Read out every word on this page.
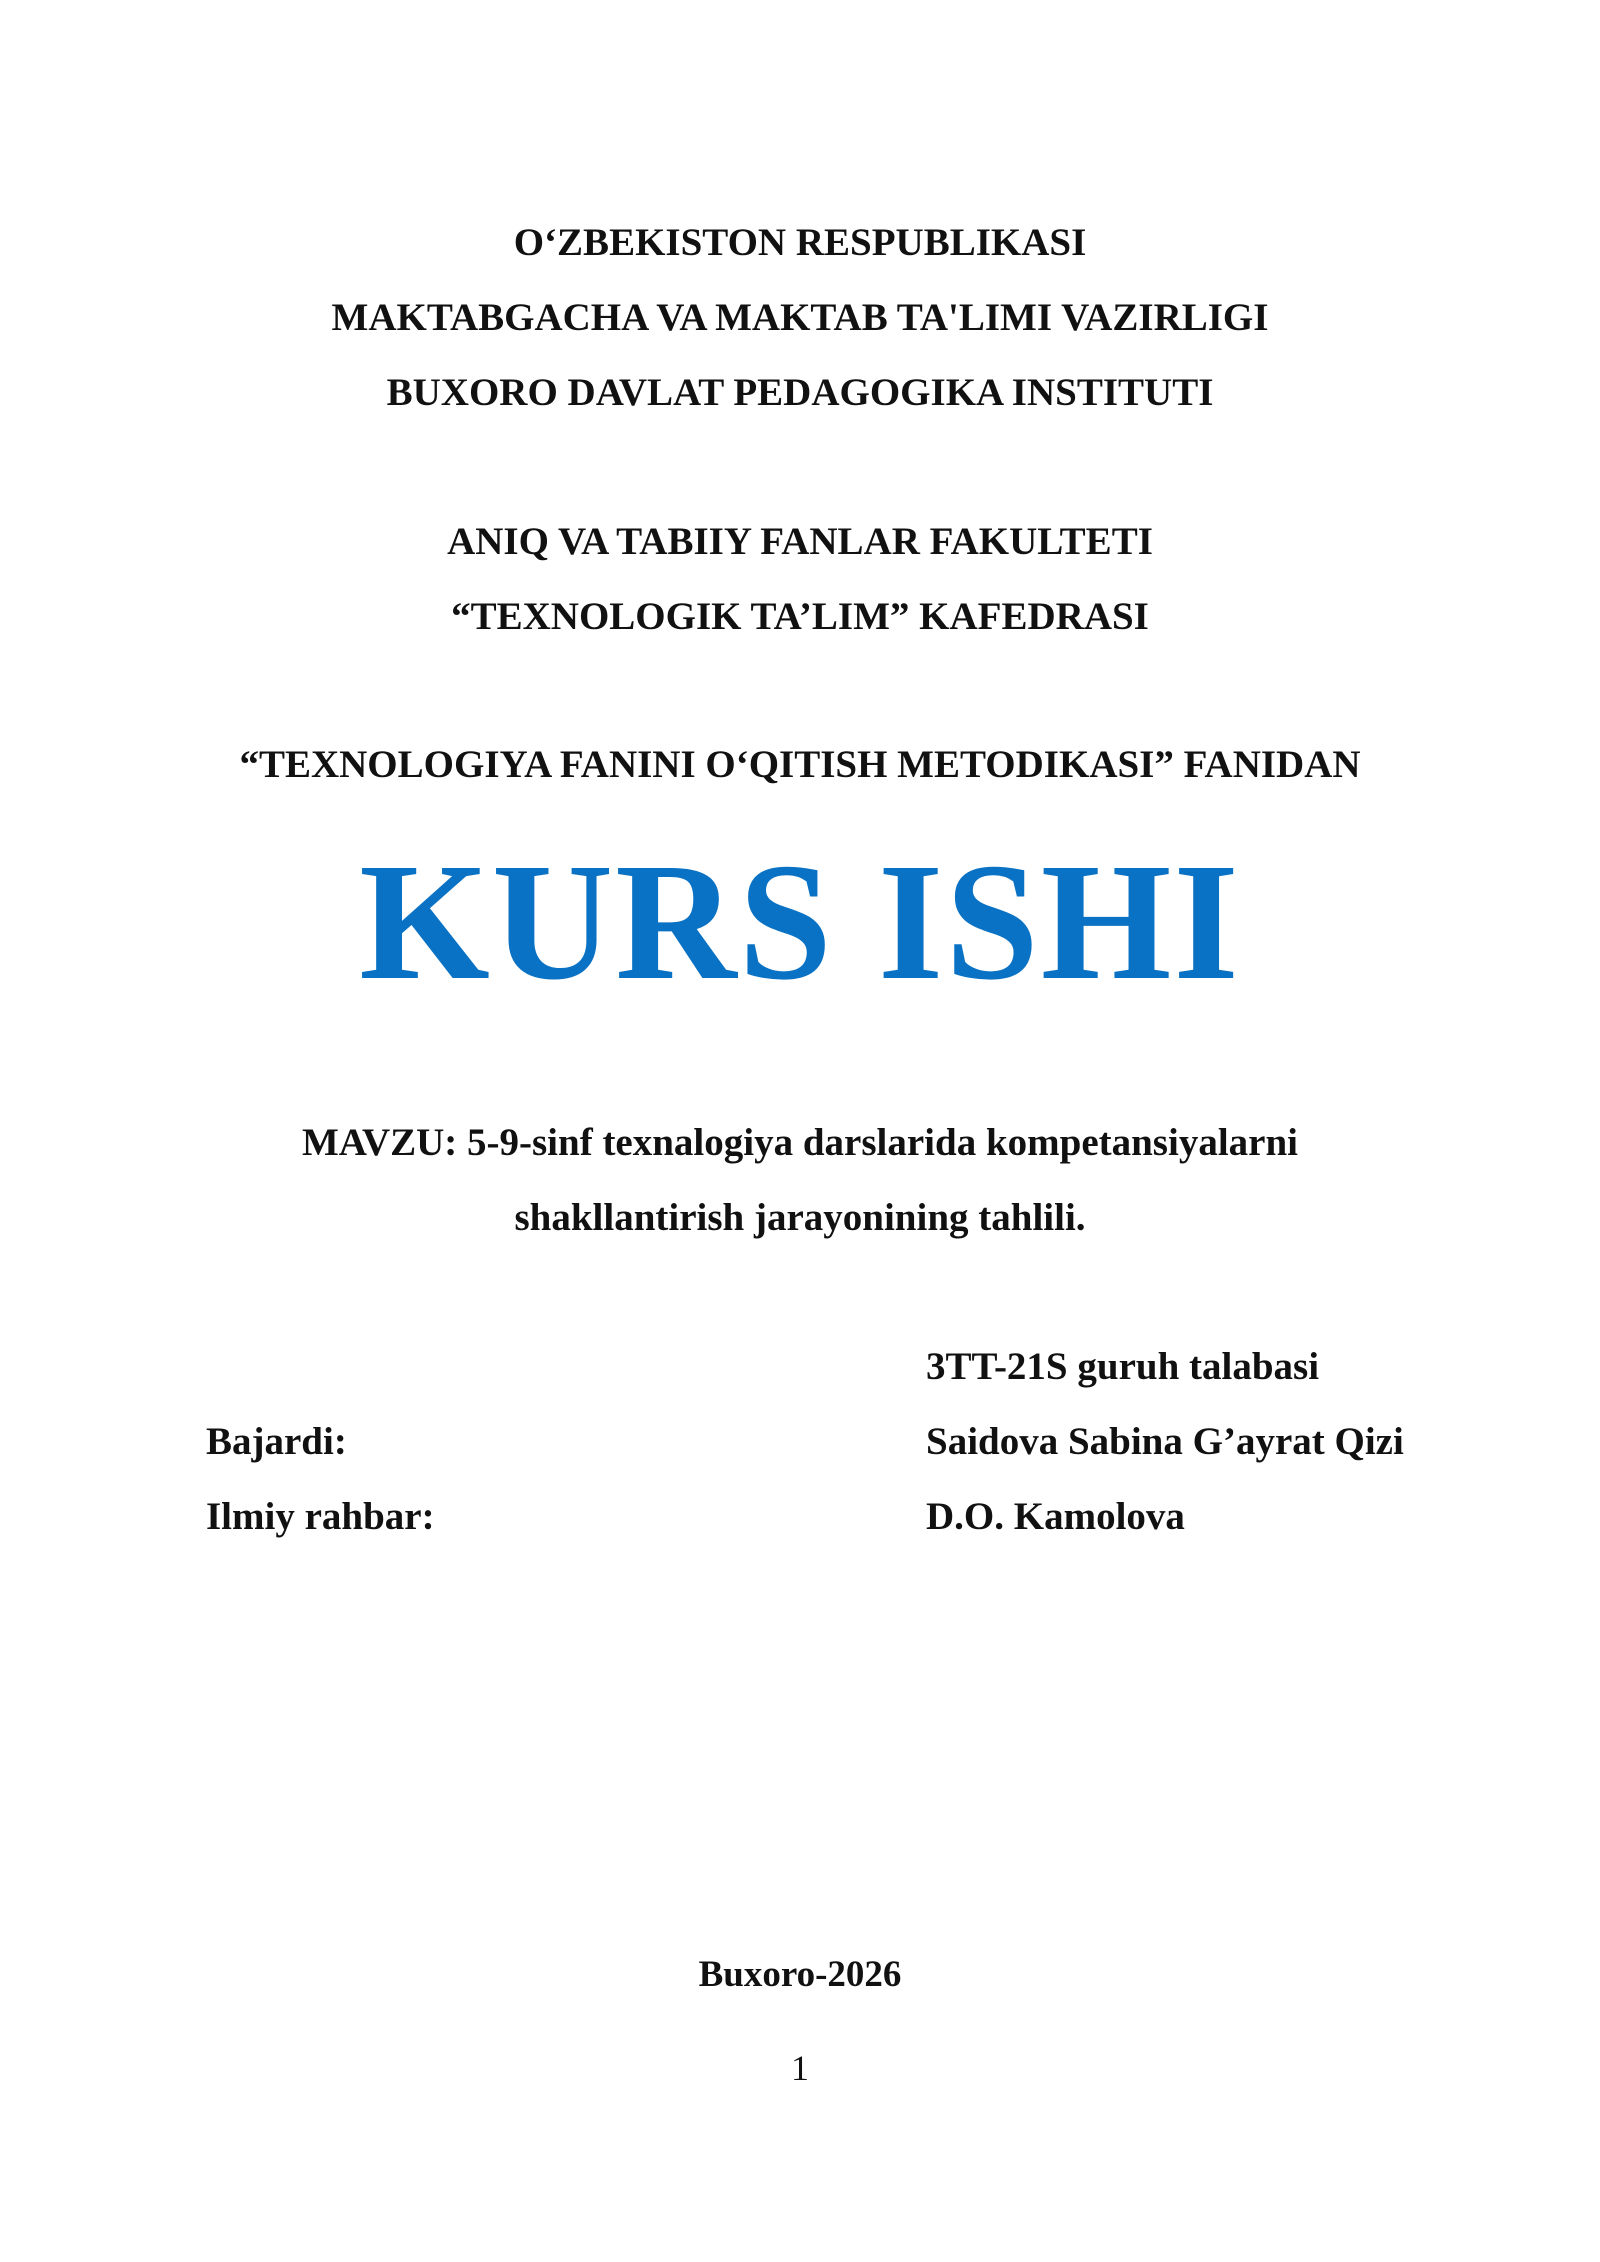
O‘ZBEKISTON RESPUBLIKASI
MAKTABGACHA VA MAKTAB TA'LIMI VAZIRLIGI
BUXORO DAVLAT PEDAGOGIKA INSTITUTI
ANIQ VA TABIIY FANLAR FAKULTETI
“TEXNOLOGIK TA’LIM” KAFEDRASI
“TEXNOLOGIYA FANINI O‘QITISH METODIKASI” FANIDAN
KURS ISHI
MAVZU: 5-9-sinf texnalogiya darslarida kompetansiyalarni
shakllantirish jarayonining tahlili.
3TT-21S guruh talabasi
Bajardi:	Saidova Sabina G’ayrat Qizi
Ilmiy rahbar:	D.O. Kamolova
Buxoro-2026
1
